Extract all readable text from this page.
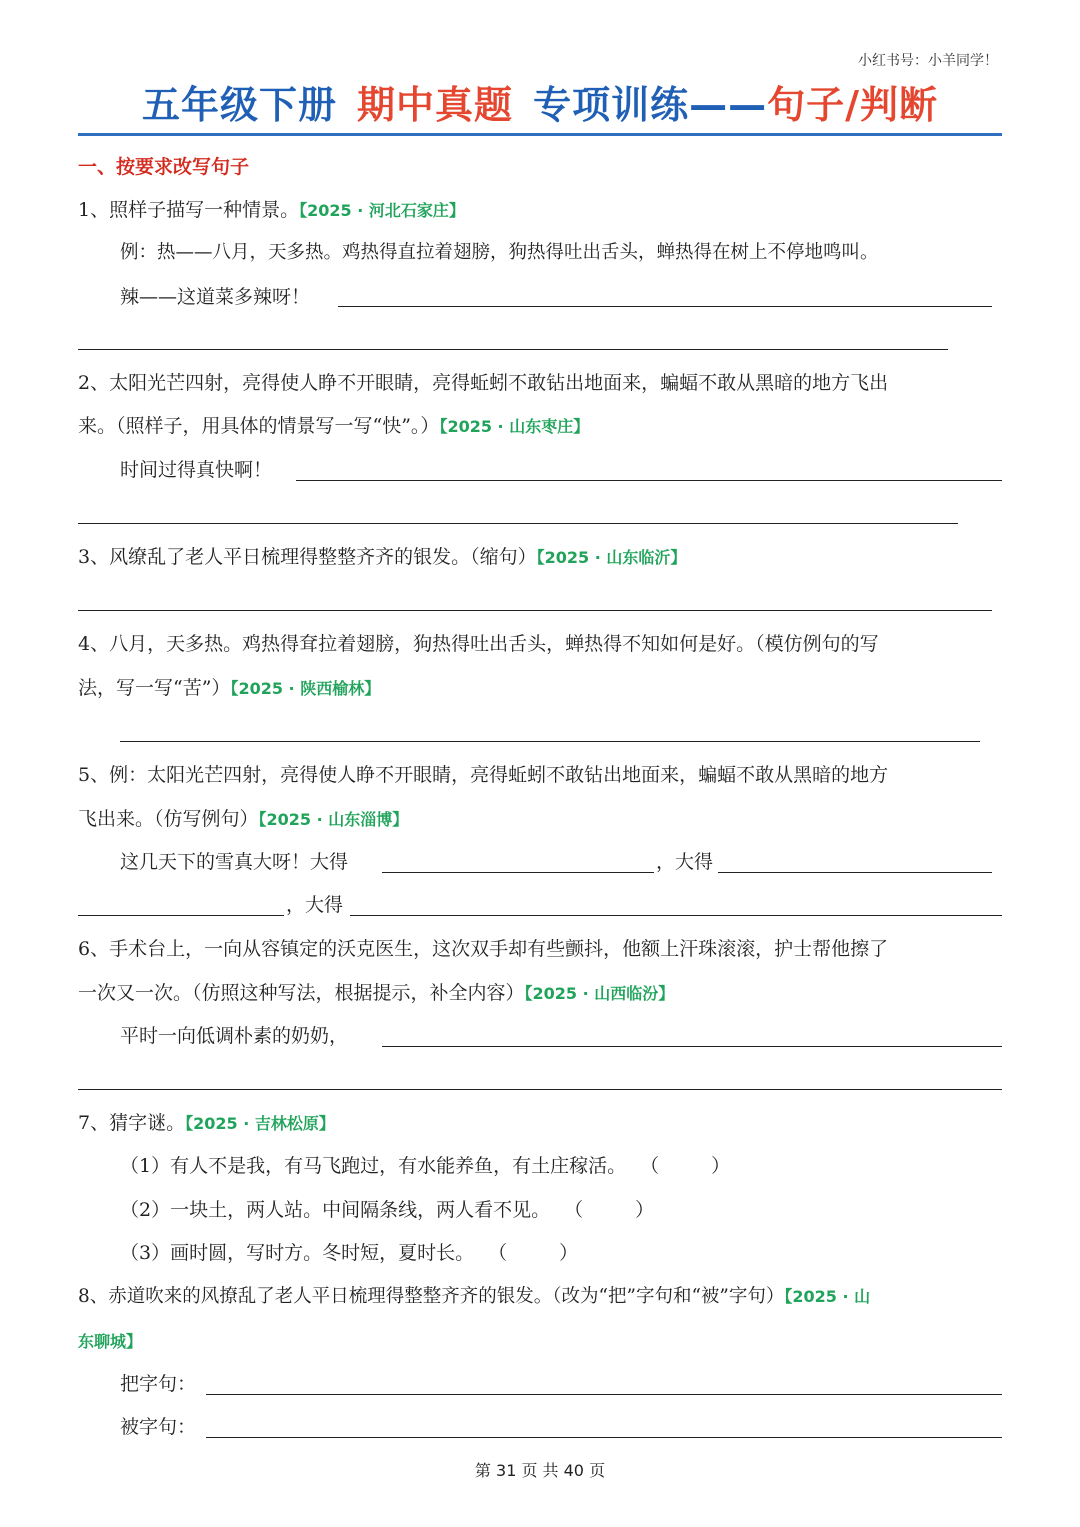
小红书号：小羊同学！
五年级下册 期中真题 专项训练——句子/判断
一、按要求改写句子
1、照样子描写一种情景。【2025 · 河北石家庄】
例：热——八月，天多热。鸡热得直拉着翅膀，狗热得吐出舌头，蝉热得在树上不停地鸣叫。
辣——这道菜多辣呀！
2、太阳光芒四射，亮得使人睁不开眼睛，亮得蚯蚓不敢钻出地面来，蝙蝠不敢从黑暗的地方飞出
来。（照样子，用具体的情景写一写“快”。）【2025 · 山东枣庄】
时间过得真快啊！
3、风缭乱了老人平日梳理得整整齐齐的银发。（缩句）【2025 · 山东临沂】
4、八月，天多热。鸡热得耷拉着翅膀，狗热得吐出舌头，蝉热得不知如何是好。（模仿例句的写
法，写一写“苦”）【2025 · 陕西榆林】
5、例：太阳光芒四射，亮得使人睁不开眼睛，亮得蚯蚓不敢钻出地面来，蝙蝠不敢从黑暗的地方
飞出来。（仿写例句）【2025 · 山东淄博】
这几天下的雪真大呀！大得	，大得
，大得
6、手术台上，一向从容镇定的沃克医生，这次双手却有些颤抖，他额上汗珠滚滚，护士帮他擦了
一次又一次。（仿照这种写法，根据提示，补全内容）【2025 · 山西临汾】
平时一向低调朴素的奶奶，
7、猜字谜。【2025 · 吉林松原】
（1）有人不是我，有马飞跑过，有水能养鱼，有土庄稼活。 （	）
（2）一块土，两人站。中间隔条线，两人看不见。 （	）
（3）画时圆，写时方。冬时短，夏时长。 （	）
8、赤道吹来的风撩乱了老人平日梳理得整整齐齐的银发。（改为“把”字句和“被”字句）【2025 · 山
东聊城】
把字句：
被字句：
第 31 页 共 40 页
